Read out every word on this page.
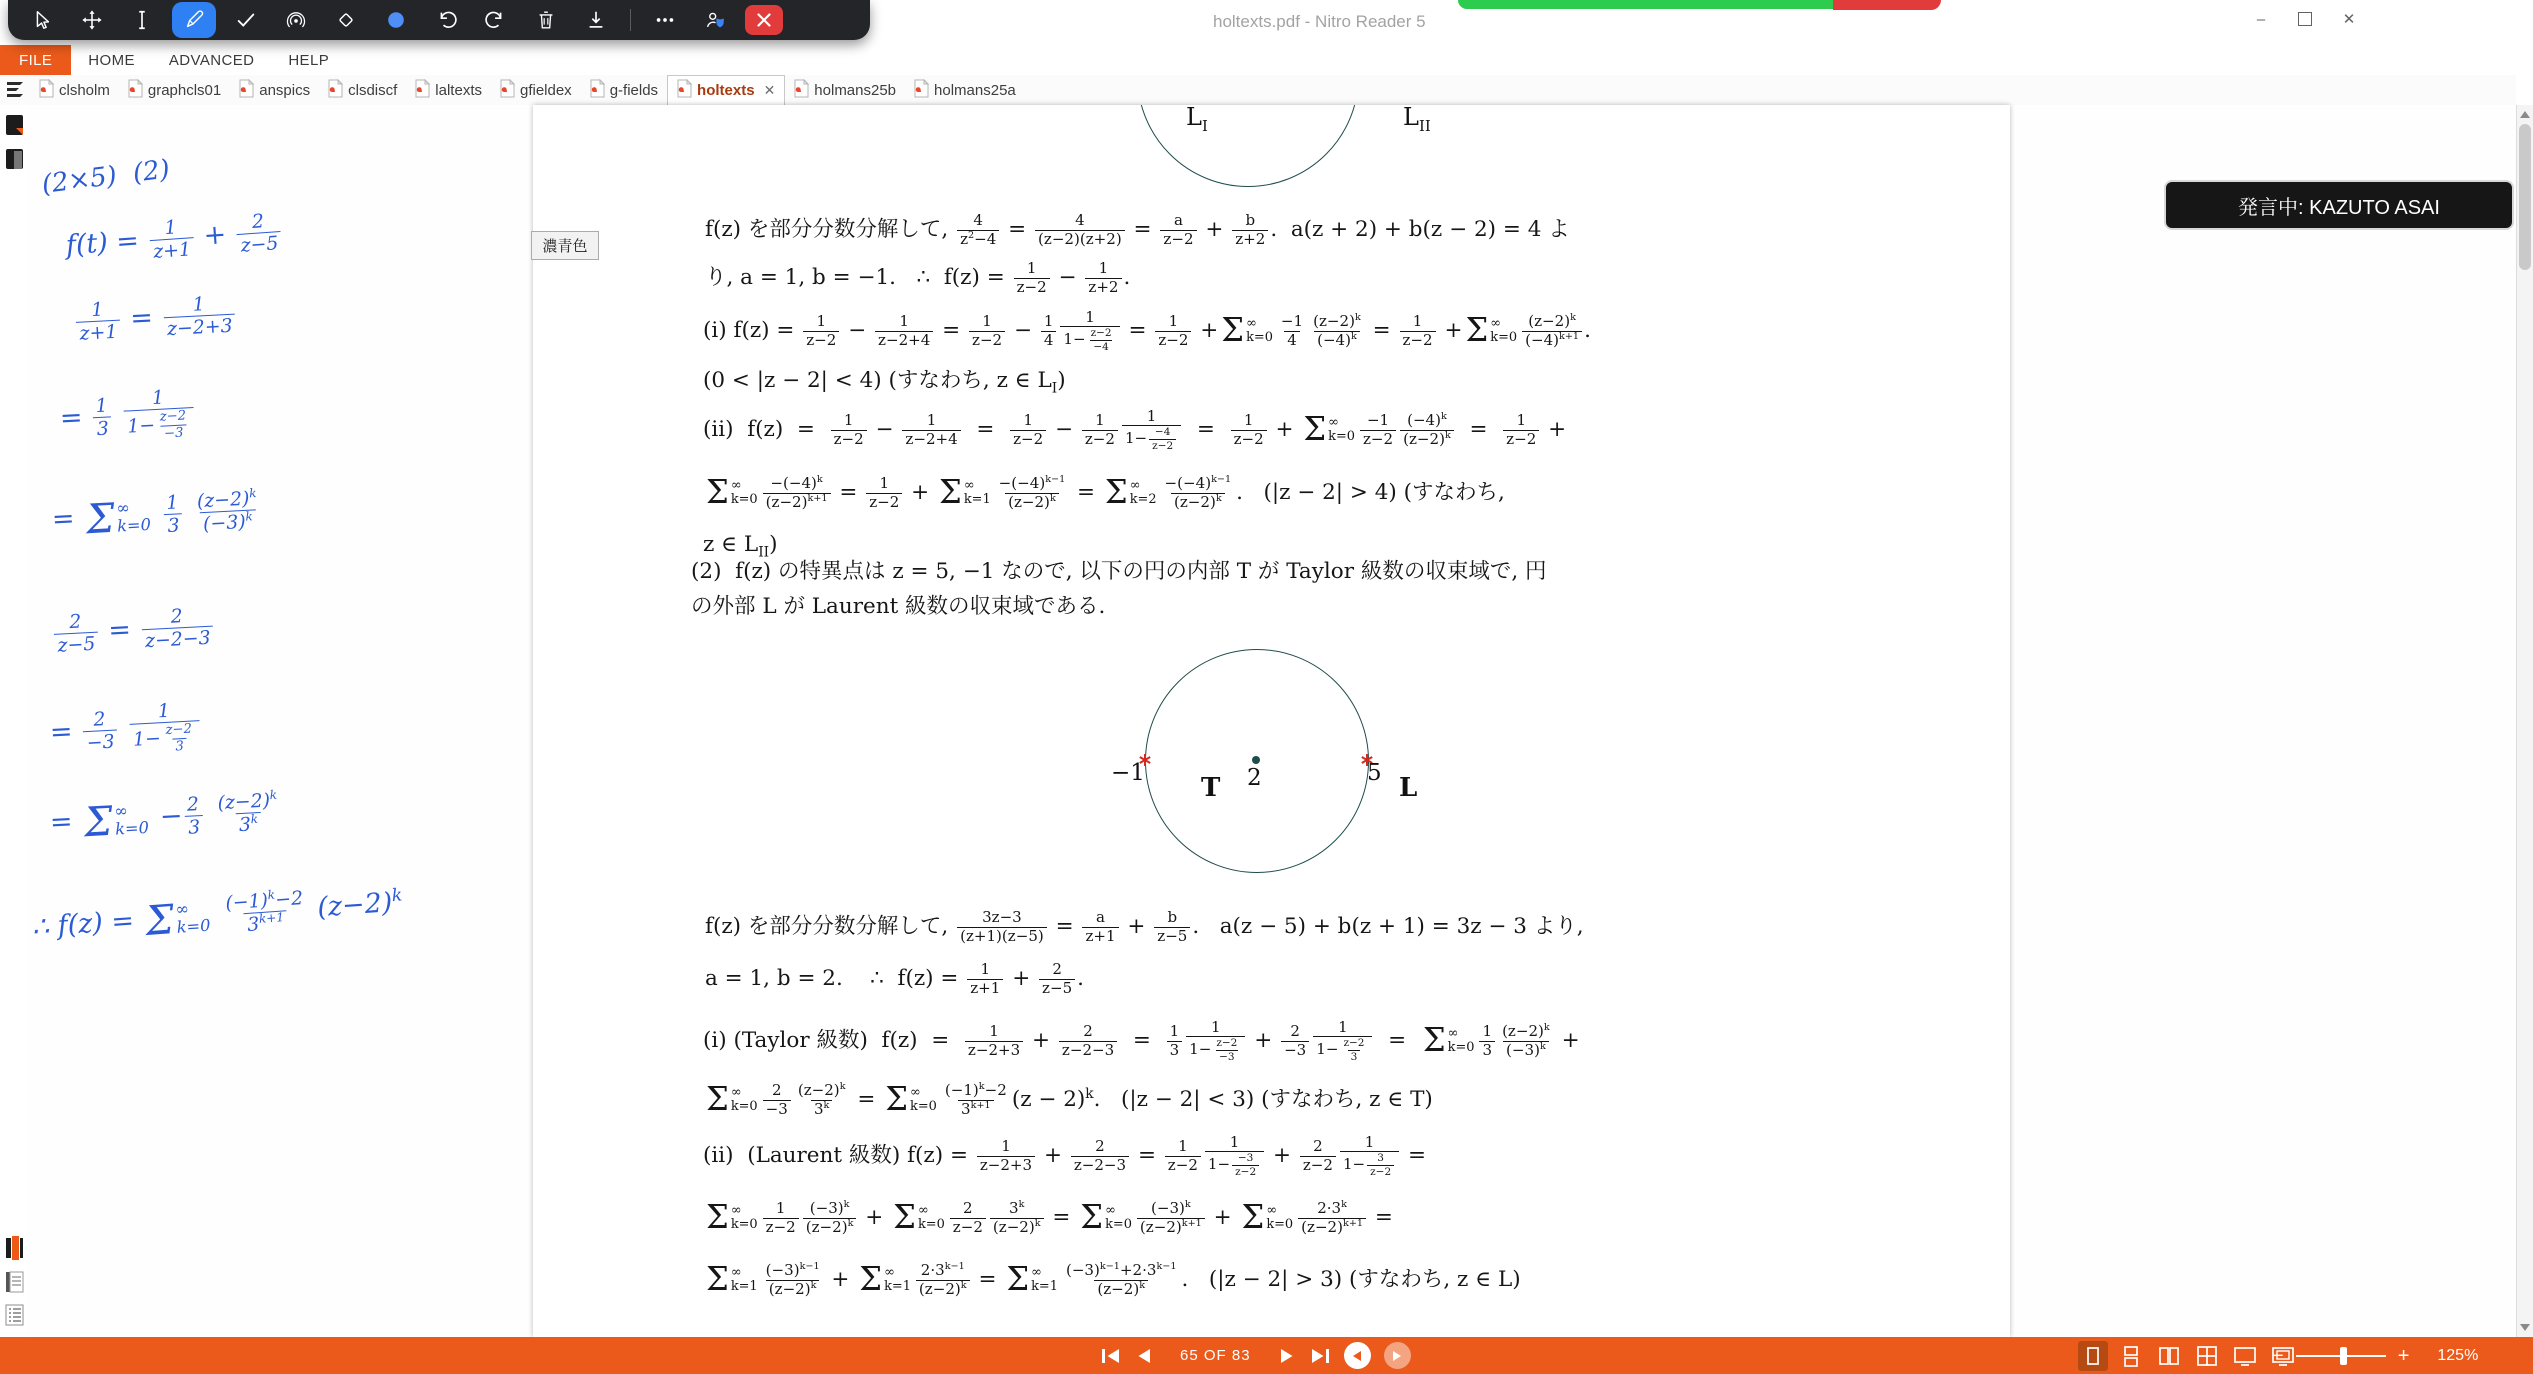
holtexts.pdf - Nitro Reader 5	–	✕
FILE	HOME	ADVANCED	HELP
clsholm	graphcls01	anspics	clsdiscf	laltexts	gfieldex	g-fields	holtexts ✕	holmans25b	holmans25a
$L_I$	$L_{II}$
−1 T 2	5 L
f(z) を部分分数分解して, $\frac{4}{z^2-4} = \frac{4}{(z-2)(z+2)} = \frac{a}{z-2} + \frac{b}{z+2}$ .  a(z + 2) + b(z − 2) = 4 よ
り, a = 1, b = −1.   ∴  $f(z) = \frac{1}{z-2} - \frac{1}{z+2}$ .
(i) $f(z) = \frac{1}{z-2} - \frac{1}{z-2+4} = \frac{1}{z-2} - \frac{1}{4} \frac{1}{1- \frac{z-2}{-4}} = \frac{1}{z-2} + \Sigma$ ∞
$k=0 \frac{-1}{4} \frac{(z-2)^k}{(-4)^k} = \frac{1}{z-2} + \Sigma$ ∞
$k=0 \frac{(z-2)^k}{(-4)^{k+1}}$ .
(0 < |z − 2| < 4) (すなわち, z ∈ $L_I$)
(ii)  $f(z) = \frac{1}{z-2} - \frac{1}{z-2+4} = \frac{1}{z-2} - \frac{1}{z-2} \frac{1}{1- \frac{-4}{z-2}} = \frac{1}{z-2} + \Sigma$ ∞
$k=0 \frac{-1}{z-2} \frac{(-4)^k}{(z-2)^k} = \frac{1}{z-2}$ +
Σ ∞
$k=0 \frac{-(-4)^k}{(z-2)^{k+1}} = \frac{1}{z-2} + \Sigma$ ∞
$k=1 \frac{-(-4)^{k-1}}{(z-2)^k} = \Sigma$ ∞
$k=2 \frac{-(-4)^{k-1}}{(z-2)^k}$ .   (|z − 2| > 4) (すなわち,
z ∈ $L_{II}$)
(2)  f(z) の特異点は z = 5, −1 なので, 以下の円の内部 T が Taylor 級数の収束域で, 円
の外部 L が Laurent 級数の収束域である.
f(z) を部分分数分解して, $\frac{3z-3}{(z+1)(z-5)} = \frac{a}{z+1} + \frac{b}{z-5}$ .   a(z − 5) + b(z + 1) = 3z − 3 より,
a = 1, b = 2.    ∴  $f(z) = \frac{1}{z+1} + \frac{2}{z-5}$ .
(i) (Taylor 級数)  $f(z) = \frac{1}{z-2+3} + \frac{2}{z-2-3} = \frac{1}{3} \frac{1}{1- \frac{z-2}{-3}} + \frac{2}{-3} \frac{1}{1- \frac{z-2}{3}} = \Sigma$ ∞
$k=0 \frac{1}{3} \frac{(z-2)^k}{(-3)^k}$ +
Σ ∞
$k=0 \frac{2}{-3} \frac{(z-2)^k}{3^k} = \Sigma$ ∞
$k=0 \frac{(-1)^k-2}{3^{k+1}} (z - 2)^k$.   (|z − 2| < 3) (すなわち, z ∈ T)
(ii)  (Laurent 級数) $f(z) = \frac{1}{z-2+3} + \frac{2}{z-2-3} = \frac{1}{z-2} \frac{1}{1- \frac{-3}{z-2}} + \frac{2}{z-2} \frac{1}{1- \frac{3}{z-2}}$ =
Σ ∞
$k=0 \frac{1}{z-2} \frac{(-3)^k}{(z-2)^k} + \Sigma$ ∞
$k=0 \frac{2}{z-2} \frac{3^k}{(z-2)^k} = \Sigma$ ∞
$k=0 \frac{(-3)^k}{(z-2)^{k+1}} + \Sigma$ ∞
$k=0 \frac{2\cdot 3^k}{(z-2)^{k+1}}$ =
Σ ∞
$k=1 \frac{(-3)^{k-1}}{(z-2)^k} + \Sigma$ ∞
$k=1 \frac{2\cdot 3^{k-1}}{(z-2)^k} = \Sigma$ ∞
$k=1 \frac{(-3)^{k-1}+2\cdot 3^{k-1}}{(z-2)^k}$ .   (|z − 2| > 3) (すなわち, z ∈ L)
65 OF 83	−	+ 125%
濃青色
発言中: KAZUTO ASAI
(2×5)  (2)
$f(t) = \frac{1}{z+1} + \frac{2}{z-5}$
$\frac{1}{z+1} = \frac{1}{z-2+3}$
= $\frac{1}{3}$
$\frac{1}{1- \frac{z-2}{-3}}$
= Σ ∞
k=0
$\frac{1}{3}$
$\frac{(z-2)^k}{(-3)^k}$
$\frac{2}{z-5} = \frac{2}{z-2-3}$
= $\frac{2}{-3}$
$\frac{1}{1- \frac{z-2}{3}}$
= Σ ∞
$k=0 - \frac{2}{3}$
$\frac{(z-2)^k}{3^k}$
∴ f(z) = Σ ∞
k=0
$\frac{(-1)^k-2}{3^{k+1}} (z-2)^k$
